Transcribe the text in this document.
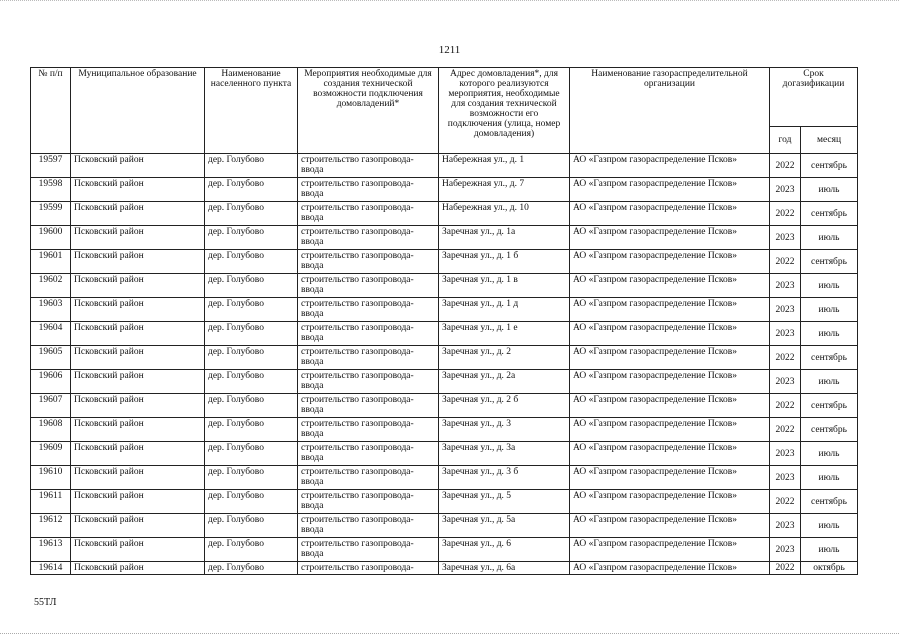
1211
№ п/п	Муниципальное образование	Наименование населенного пункта	Мероприятия необходимые для создания технической возможности подключения домовладений*	Адрес домовладения*, для которого реализуются мероприятия, необходимые для создания технической возможности его подключения (улица, номер домовладения)	Наименование газораспределительной организации	Срок догазификации	
						год	месяц
19597	Псковский район	дер. Голубово	строительство газопровода-ввода	Набережная ул., д. 1	АО «Газпром газораспределение Псков»	2022	сентябрь
19598	Псковский район	дер. Голубово	строительство газопровода-ввода	Набережная ул., д. 7	АО «Газпром газораспределение Псков»	2023	июль
19599	Псковский район	дер. Голубово	строительство газопровода-ввода	Набережная ул., д. 10	АО «Газпром газораспределение Псков»	2022	сентябрь
19600	Псковский район	дер. Голубово	строительство газопровода-ввода	Заречная ул., д. 1а	АО «Газпром газораспределение Псков»	2023	июль
19601	Псковский район	дер. Голубово	строительство газопровода-ввода	Заречная ул., д. 1 б	АО «Газпром газораспределение Псков»	2022	сентябрь
19602	Псковский район	дер. Голубово	строительство газопровода-ввода	Заречная ул., д. 1 в	АО «Газпром газораспределение Псков»	2023	июль
19603	Псковский район	дер. Голубово	строительство газопровода-ввода	Заречная ул., д. 1 д	АО «Газпром газораспределение Псков»	2023	июль
19604	Псковский район	дер. Голубово	строительство газопровода-ввода	Заречная ул., д. 1 е	АО «Газпром газораспределение Псков»	2023	июль
19605	Псковский район	дер. Голубово	строительство газопровода-ввода	Заречная ул., д. 2	АО «Газпром газораспределение Псков»	2022	сентябрь
19606	Псковский район	дер. Голубово	строительство газопровода-ввода	Заречная ул., д. 2а	АО «Газпром газораспределение Псков»	2023	июль
19607	Псковский район	дер. Голубово	строительство газопровода-ввода	Заречная ул., д. 2 б	АО «Газпром газораспределение Псков»	2022	сентябрь
19608	Псковский район	дер. Голубово	строительство газопровода-ввода	Заречная ул., д. 3	АО «Газпром газораспределение Псков»	2022	сентябрь
19609	Псковский район	дер. Голубово	строительство газопровода-ввода	Заречная ул., д. 3а	АО «Газпром газораспределение Псков»	2023	июль
19610	Псковский район	дер. Голубово	строительство газопровода-ввода	Заречная ул., д. 3 б	АО «Газпром газораспределение Псков»	2023	июль
19611	Псковский район	дер. Голубово	строительство газопровода-ввода	Заречная ул., д. 5	АО «Газпром газораспределение Псков»	2022	сентябрь
19612	Псковский район	дер. Голубово	строительство газопровода-ввода	Заречная ул., д. 5а	АО «Газпром газораспределение Псков»	2023	июль
19613	Псковский район	дер. Голубово	строительство газопровода-ввода	Заречная ул., д. 6	АО «Газпром газораспределение Псков»	2023	июль
19614	Псковский район	дер. Голубово	строительство газопровода-	Заречная ул., д. 6а	АО «Газпром газораспределение Псков»	2022	октябрь
55ТЛ
